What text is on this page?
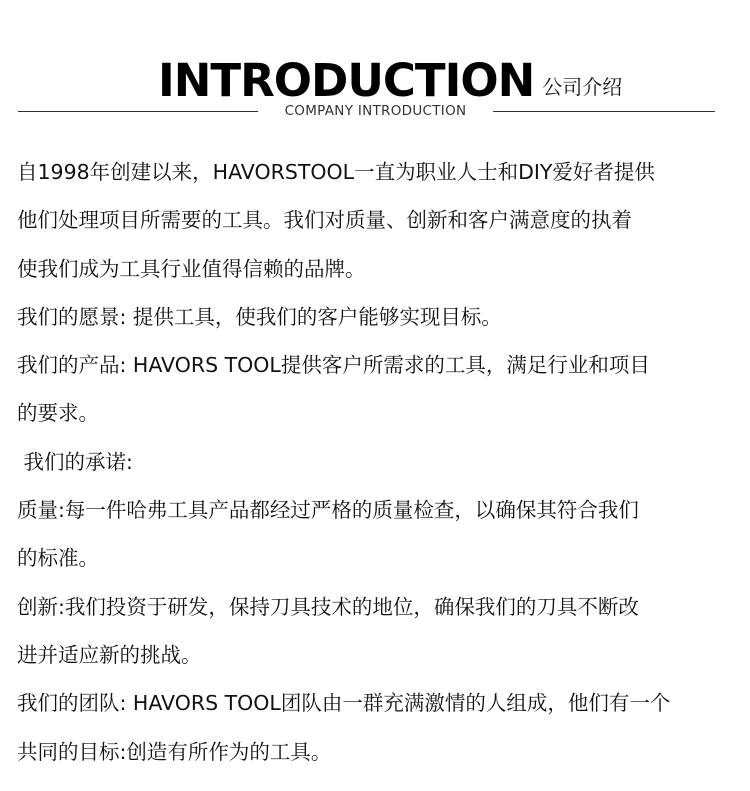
INTRODUCTION 公司介绍
COMPANY INTRODUCTION
自1998年创建以来，HAVORSTOOL一直为职业人士和DIY爱好者提供
他们处理项目所需要的工具。我们对质量、创新和客户满意度的执着
使我们成为工具行业值得信赖的品牌。
我们的愿景: 提供工具，使我们的客户能够实现目标。
我们的产品: HAVORS TOOL提供客户所需求的工具，满足行业和项目
的要求。
我们的承诺:
质量:每一件哈弗工具产品都经过严格的质量检查，以确保其符合我们
的标准。
创新:我们投资于研发，保持刀具技术的地位，确保我们的刀具不断改
进并适应新的挑战。
我们的团队: HAVORS TOOL团队由一群充满激情的人组成，他们有一个
共同的目标:创造有所作为的工具。
